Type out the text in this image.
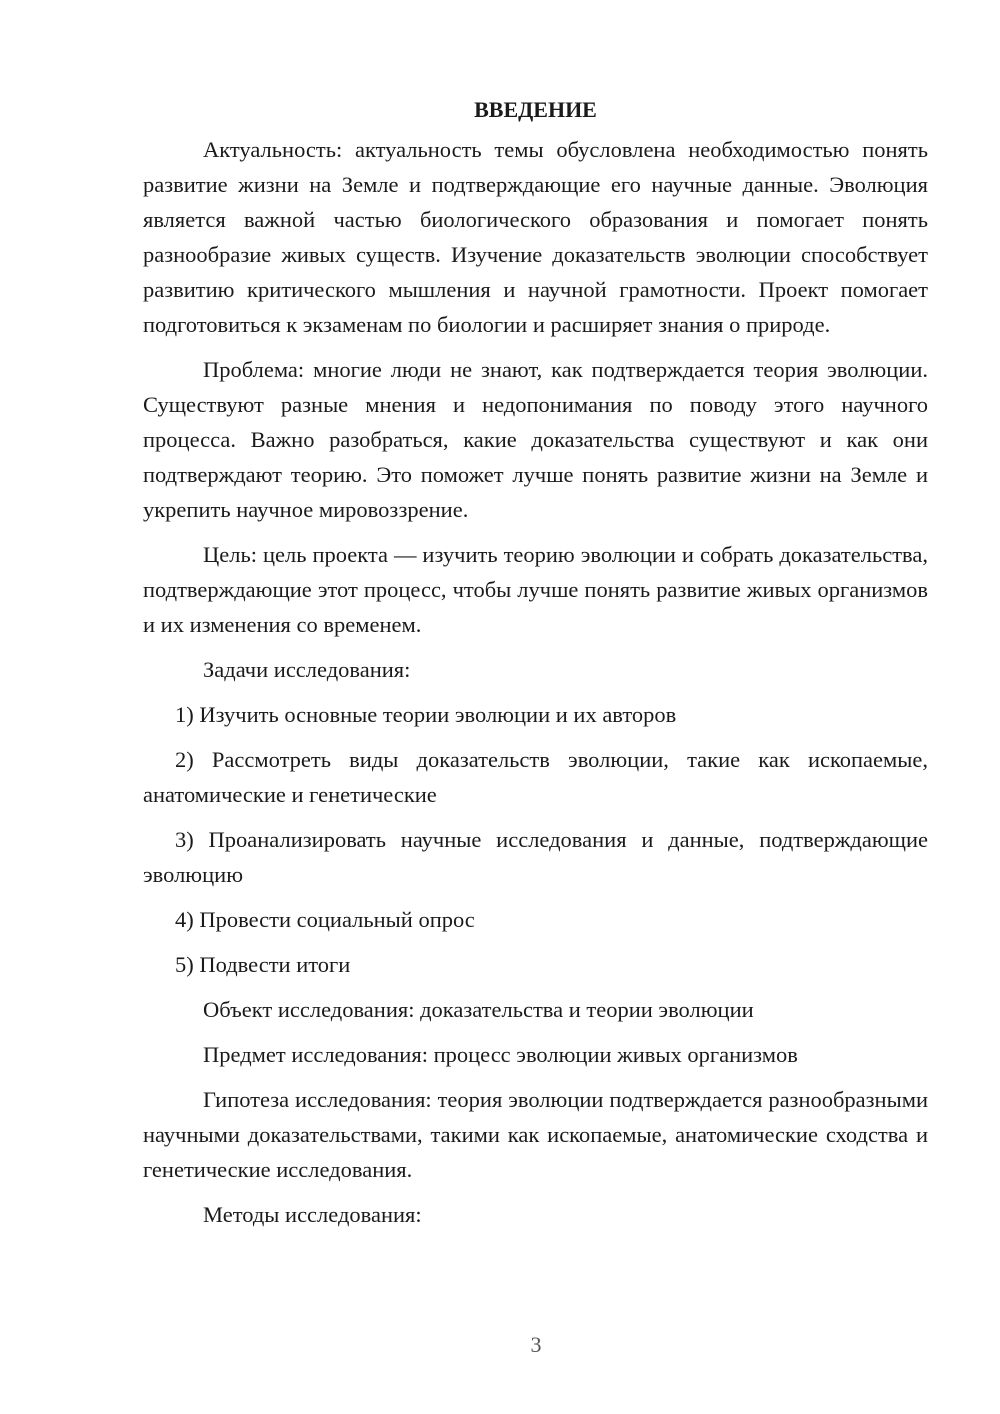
ВВЕДЕНИЕ

Актуальность: актуальность темы обусловлена необходимостью понять развитие жизни на Земле и подтверждающие его научные данные. Эволюция является важной частью биологического образования и помогает понять разнообразие живых существ. Изучение доказательств эволюции способствует развитию критического мышления и научной грамотности. Проект помогает подготовиться к экзаменам по биологии и расширяет знания о природе.

Проблема: многие люди не знают, как подтверждается теория эволюции. Существуют разные мнения и недопонимания по поводу этого научного процесса. Важно разобраться, какие доказательства существуют и как они подтверждают теорию. Это поможет лучше понять развитие жизни на Земле и укрепить научное мировоззрение.

Цель: цель проекта — изучить теорию эволюции и собрать доказательства, подтверждающие этот процесс, чтобы лучше понять развитие живых организмов и их изменения со временем.

Задачи исследования:

1) Изучить основные теории эволюции и их авторов

2) Рассмотреть виды доказательств эволюции, такие как ископаемые, анатомические и генетические

3) Проанализировать научные исследования и данные, подтверждающие эволюцию

4) Провести социальный опрос

5) Подвести итоги

Объект исследования: доказательства и теории эволюции

Предмет исследования: процесс эволюции живых организмов

Гипотеза исследования: теория эволюции подтверждается разнообразными научными доказательствами, такими как ископаемые, анатомические сходства и генетические исследования.

Методы исследования:

3
